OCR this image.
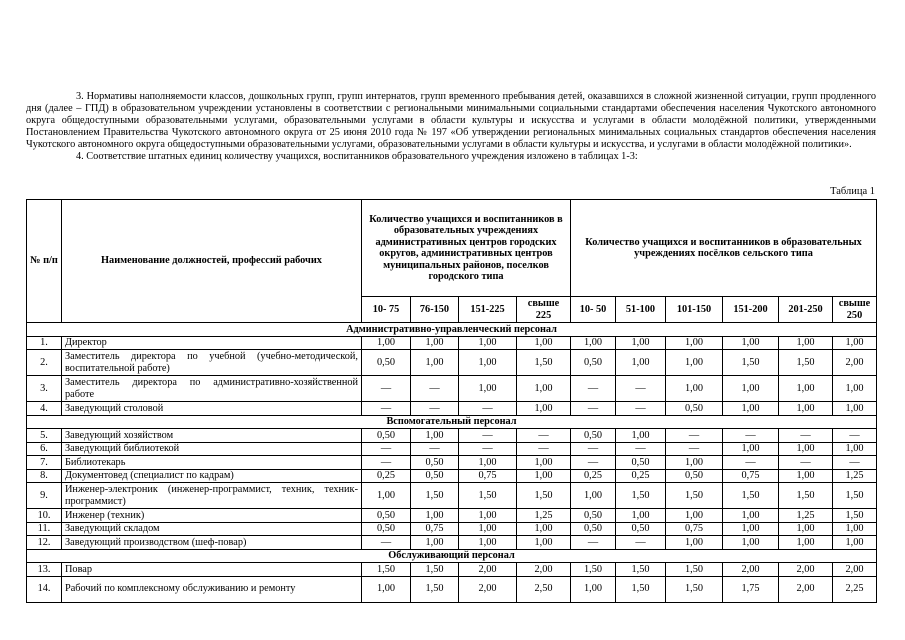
3. Нормативы наполняемости классов, дошкольных групп, групп интернатов, групп временного пребывания детей, оказавшихся в сложной жизненной ситуации, групп продленного дня (далее – ГПД) в образовательном учреждении установлены в соответствии с региональными минимальными социальными стандартами обеспечения населения Чукотского автономного округа общедоступными образовательными услугами, образовательными услугами в области культуры и искусства и услугами в области молодёжной политики, утвержденными Постановлением Правительства Чукотского автономного округа от 25 июня 2010 года № 197 «Об утверждении региональных минимальных социальных стандартов обеспечения населения Чукотского автономного округа общедоступными образовательными услугами, образовательными услугами в области культуры и искусства, и услугами в области молодёжной политики».

4. Соответствие штатных единиц количеству учащихся, воспитанников образовательного учреждения изложено в таблицах 1-3:

Таблица 1
№ п/п	Наименование должностей, профессий рабочих	Количество учащихся и воспитанников в образовательных учреждениях административных центров городских округов, административных центров муниципальных районов, поселков городского типа				Количество учащихся и воспитанников в образовательных учреждениях посёлков сельского типа					
		10- 75	76-150	151-225	свыше 225	10- 50	51-100	101-150	151-200	201-250	свыше 250
Административно-управленческий персонал											
1.	Директор	1,00	1,00	1,00	1,00	1,00	1,00	1,00	1,00	1,00	1,00
2.	Заместитель директора по учебной (учебно-методической, воспитательной работе)	0,50	1,00	1,00	1,50	0,50	1,00	1,00	1,50	1,50	2,00
3.	Заместитель директора по административно-хозяйственной работе	—	—	1,00	1,00	—	—	1,00	1,00	1,00	1,00
4.	Заведующий столовой	—	—	—	1,00	—	—	0,50	1,00	1,00	1,00
Вспомогательный персонал											
5.	Заведующий хозяйством	0,50	1,00	—	—	0,50	1,00	—	—	—	—
6.	Заведующий библиотекой	—	—	—	—	—	—	—	1,00	1,00	1,00
7.	Библиотекарь	—	0,50	1,00	1,00	—	0,50	1,00	—	—	—
8.	Документовед (специалист по кадрам)	0,25	0,50	0,75	1,00	0,25	0,25	0,50	0,75	1,00	1,25
9.	Инженер-электроник (инженер-программист, техник, техник-программист)	1,00	1,50	1,50	1,50	1,00	1,50	1,50	1,50	1,50	1,50
10.	Инженер (техник)	0,50	1,00	1,00	1,25	0,50	1,00	1,00	1,00	1,25	1,50
11.	Заведующий складом	0,50	0,75	1,00	1,00	0,50	0,50	0,75	1,00	1,00	1,00
12.	Заведующий производством (шеф-повар)	—	1,00	1,00	1,00	—	—	1,00	1,00	1,00	1,00
Обслуживающий персонал											
13.	Повар	1,50	1,50	2,00	2,00	1,50	1,50	1,50	2,00	2,00	2,00
14.	Рабочий по комплексному обслуживанию и ремонту	1,00	1,50	2,00	2,50	1,00	1,50	1,50	1,75	2,00	2,25
